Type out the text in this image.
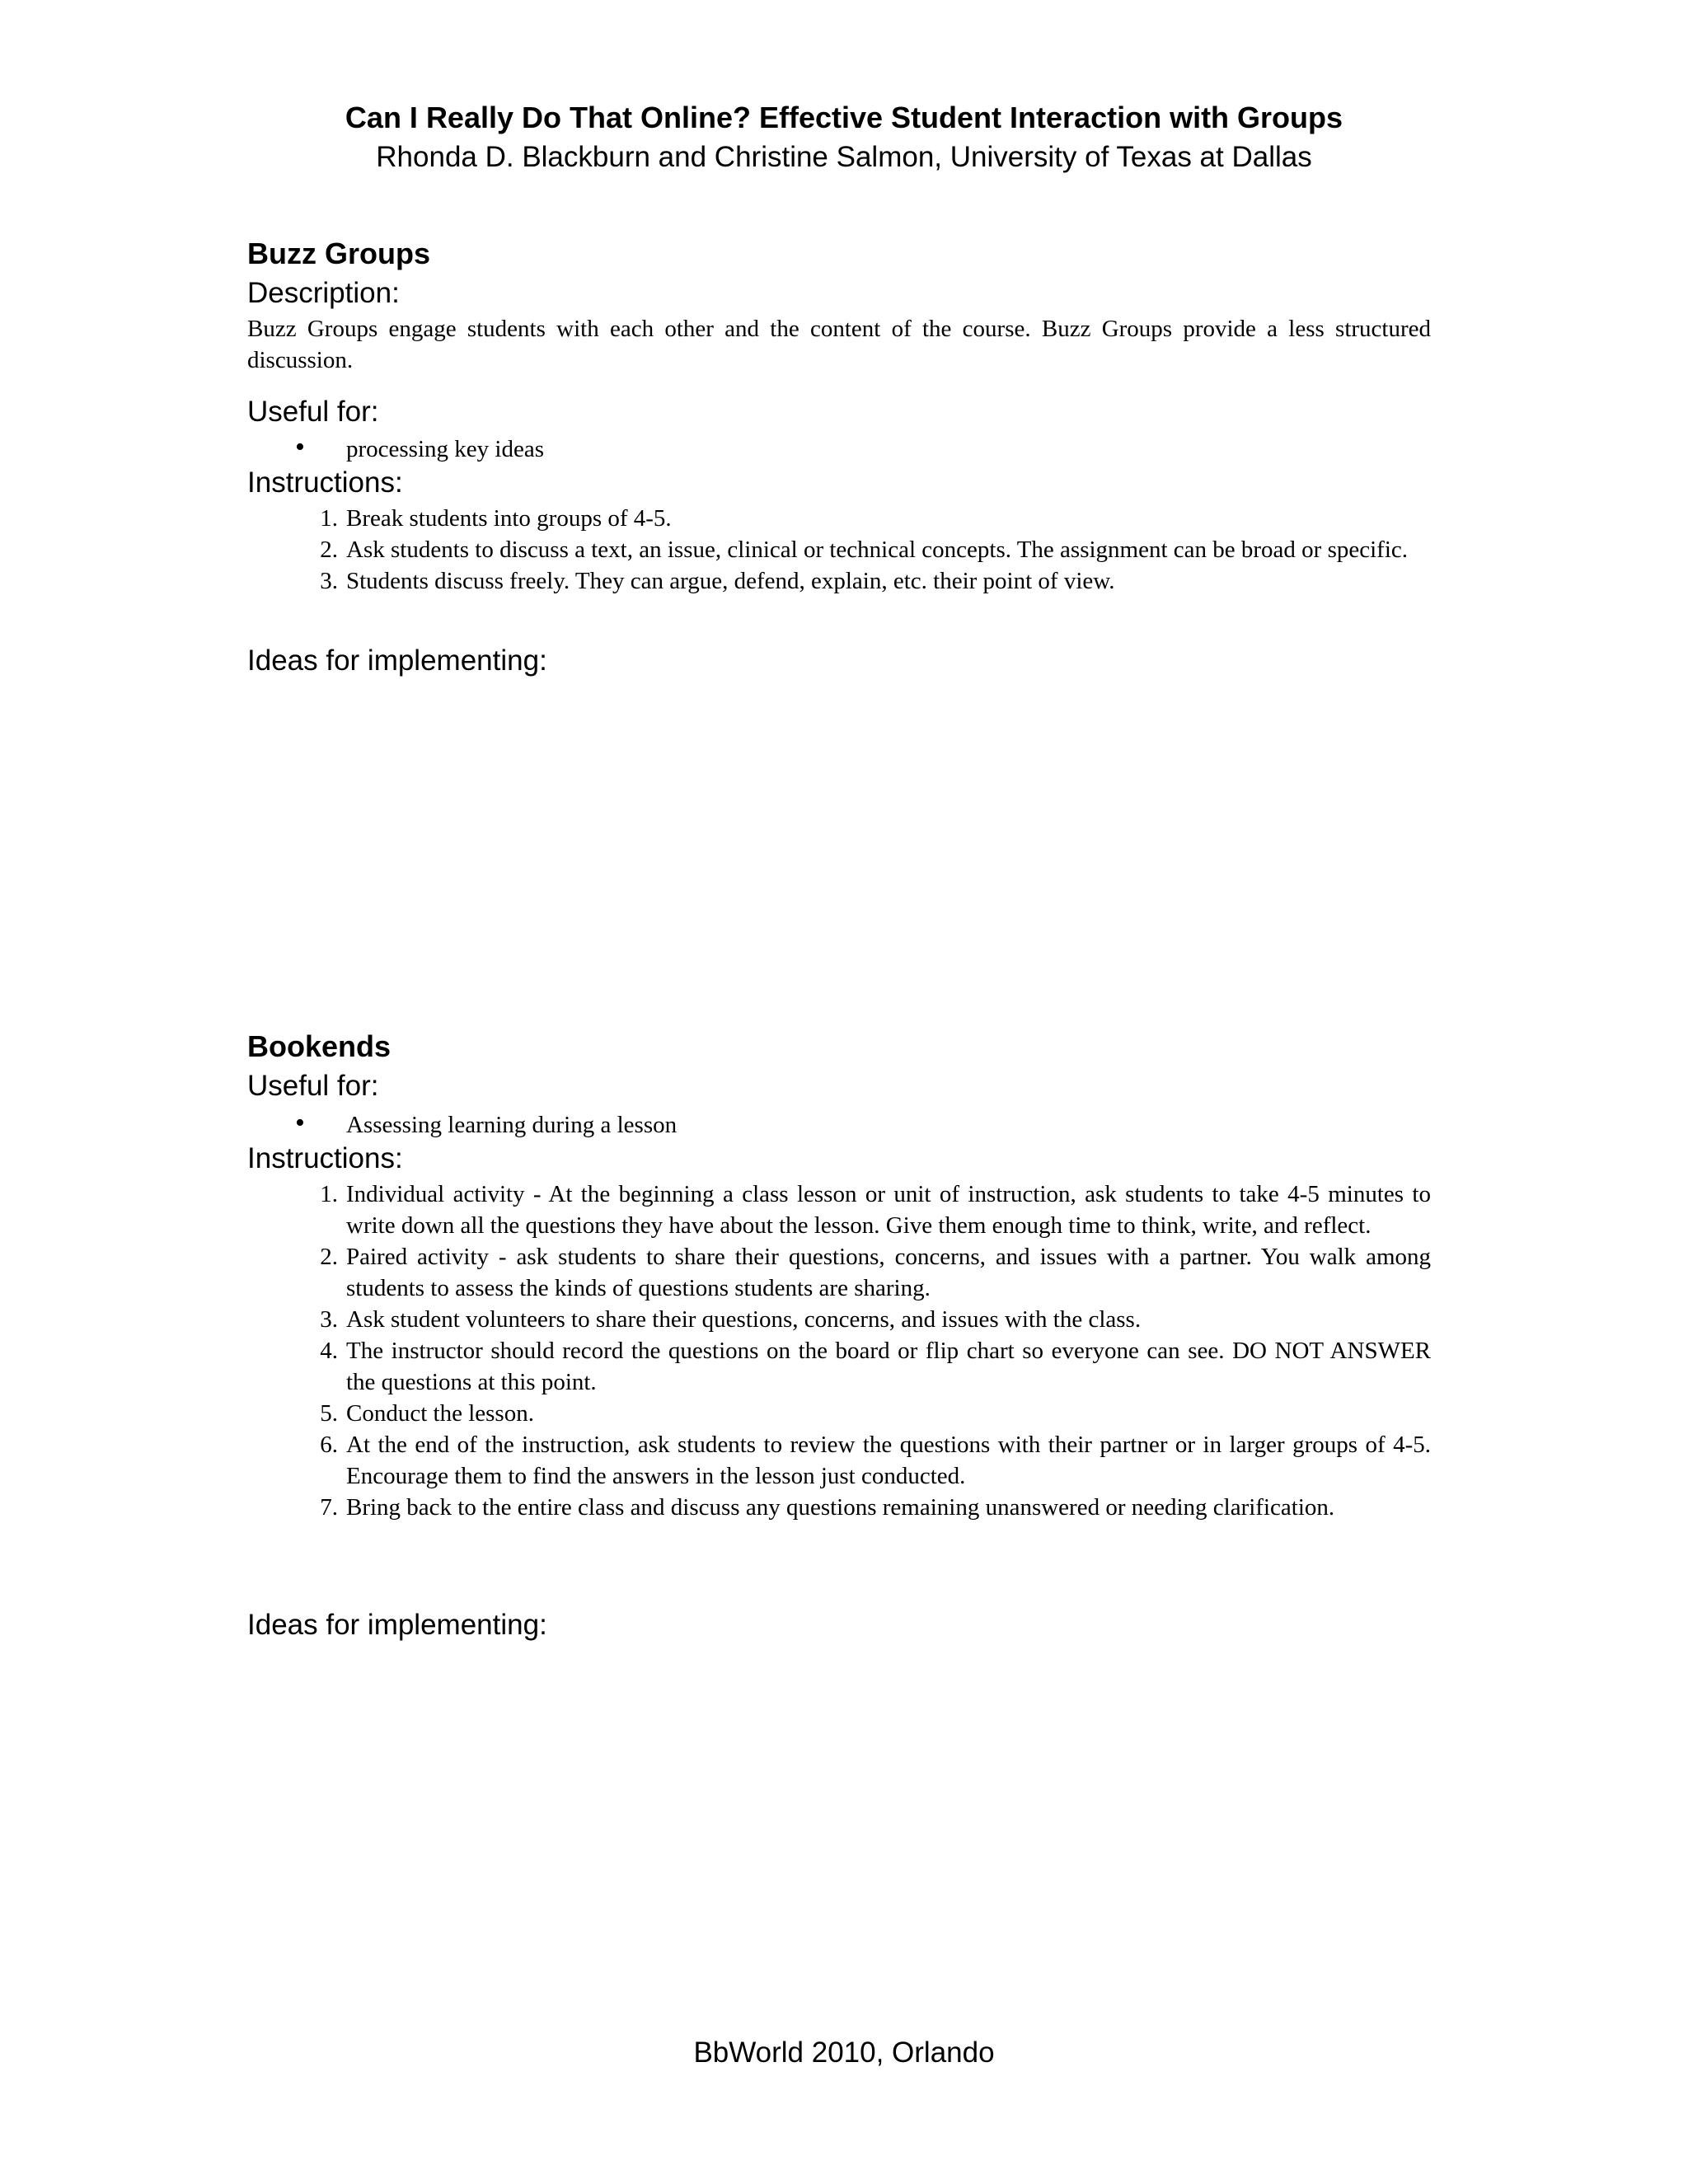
Can I Really Do That Online? Effective Student Interaction with Groups
Rhonda D. Blackburn and Christine Salmon, University of Texas at Dallas
Buzz Groups
Description:
Buzz Groups engage students with each other and the content of the course. Buzz Groups provide a less structured discussion.
Useful for:
• processing key ideas
Instructions:
1. Break students into groups of 4-5.
2. Ask students to discuss a text, an issue, clinical or technical concepts. The assignment can be broad or specific.
3. Students discuss freely. They can argue, defend, explain, etc. their point of view.
Ideas for implementing:
Bookends
Useful for:
• Assessing learning during a lesson
Instructions:
1. Individual activity - At the beginning a class lesson or unit of instruction, ask students to take 4-5 minutes to write down all the questions they have about the lesson. Give them enough time to think, write, and reflect.
2. Paired activity - ask students to share their questions, concerns, and issues with a partner. You walk among students to assess the kinds of questions students are sharing.
3. Ask student volunteers to share their questions, concerns, and issues with the class.
4. The instructor should record the questions on the board or flip chart so everyone can see. DO NOT ANSWER the questions at this point.
5. Conduct the lesson.
6. At the end of the instruction, ask students to review the questions with their partner or in larger groups of 4-5. Encourage them to find the answers in the lesson just conducted.
7. Bring back to the entire class and discuss any questions remaining unanswered or needing clarification.
Ideas for implementing:
BbWorld 2010, Orlando
